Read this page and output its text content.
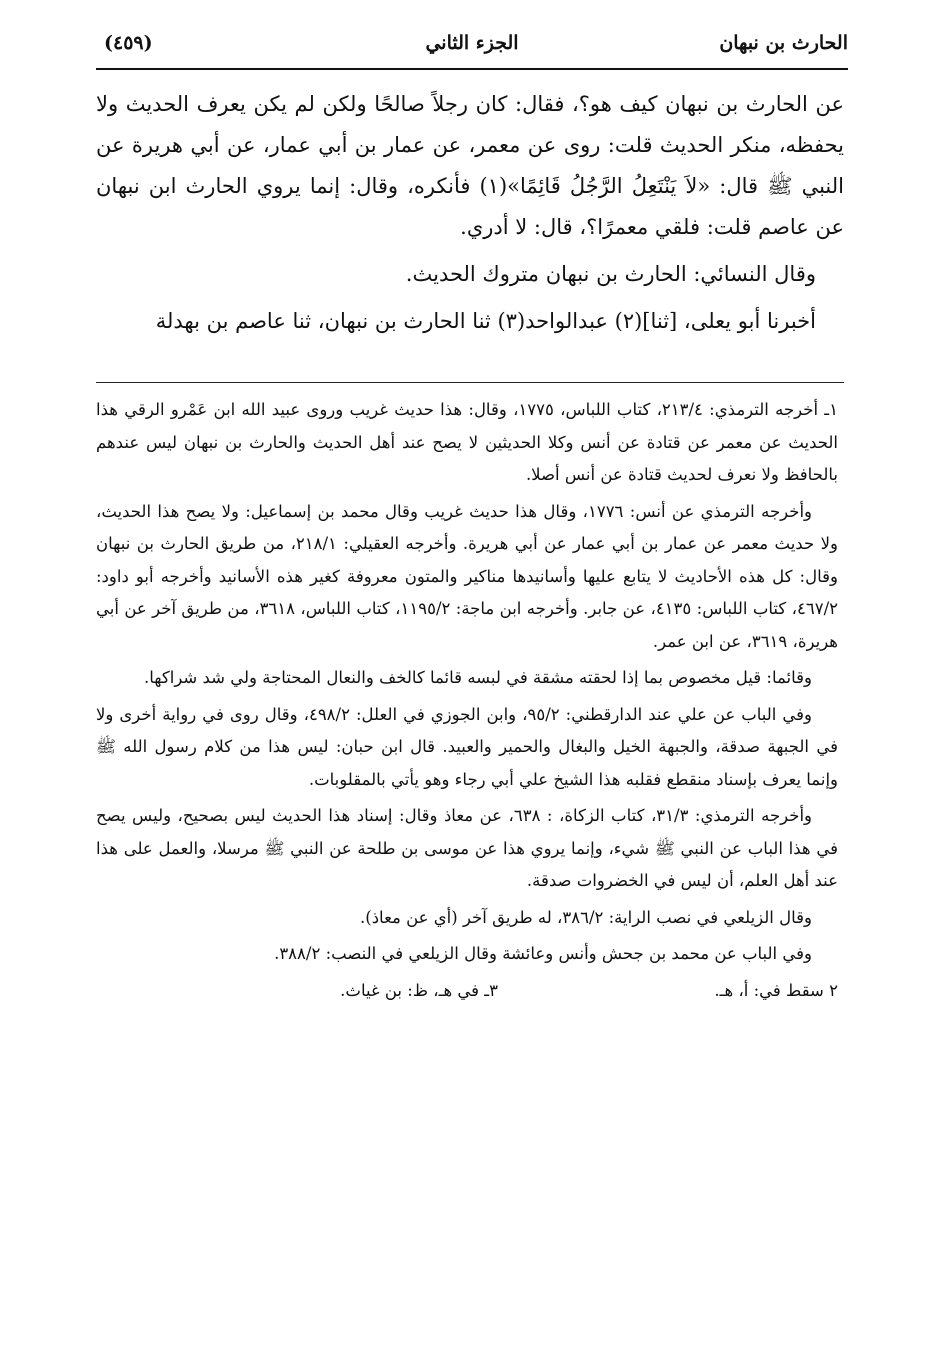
الحارث بن نبهان
الجزء الثاني
(٤٥٩)

عن الحارث بن نبهان كيف هو؟، فقال: كان رجلاً صالحًا ولكن لم يكن يعرف الحديث ولا يحفظه، منكر الحديث قلت: روى عن معمر، عن عمار بن أبي عمار، عن أبي هريرة عن النبي ﷺ قال: «لاَ يَنْتَعِلُ الرَّجُلُ قَائِمًا»(١) فأنكره، وقال: إنما يروي الحارث ابن نبهان عن عاصم قلت: فلقي معمرًا؟، قال: لا أدري.

وقال النسائي: الحارث بن نبهان متروك الحديث.

أخبرنا أبو يعلى، [ثنا](٢) عبدالواحد(٣) ثنا الحارث بن نبهان، ثنا عاصم بن بهدلة

١ـ أخرجه الترمذي: ٢١٣/٤، كتاب اللباس، ١٧٧٥، وقال: هذا حديث غريب وروى عبيد الله ابن عَمْرو الرقي هذا الحديث عن معمر عن قتادة عن أنس وكلا الحديثين لا يصح عند أهل الحديث والحارث بن نبهان ليس عندهم بالحافظ ولا نعرف لحديث قتادة عن أنس أصلا.

وأخرجه الترمذي عن أنس: ١٧٧٦، وقال هذا حديث غريب وقال محمد بن إسماعيل: ولا يصح هذا الحديث، ولا حديث معمر عن عمار بن أبي عمار عن أبي هريرة. وأخرجه العقيلي: ٢١٨/١، من طريق الحارث بن نبهان وقال: كل هذه الأحاديث لا يتابع عليها وأسانيدها مناكير والمتون معروفة كغير هذه الأسانيد وأخرجه أبو داود: ٤٦٧/٢، كتاب اللباس: ٤١٣٥، عن جابر. وأخرجه ابن ماجة: ١١٩٥/٢، كتاب اللباس، ٣٦١٨، من طريق آخر عن أبي هريرة، ٣٦١٩، عن ابن عمر.

وقائما: قيل مخصوص بما إذا لحقته مشقة في لبسه قائما كالخف والنعال المحتاجة ولي شد شراكها.

وفي الباب عن علي عند الدارقطني: ٩٥/٢، وابن الجوزي في العلل: ٤٩٨/٢، وقال روى في رواية أخرى ولا في الجبهة صدقة، والجبهة الخيل والبغال والحمير والعبيد. قال ابن حبان: ليس هذا من كلام رسول الله ﷺ وإنما يعرف بإسناد منقطع فقلبه هذا الشيخ علي أبي رجاء وهو يأتي بالمقلوبات.

وأخرجه الترمذي: ٣١/٣، كتاب الزكاة، : ٦٣٨، عن معاذ وقال: إسناد هذا الحديث ليس بصحيح، وليس يصح في هذا الباب عن النبي ﷺ شيء، وإنما يروي هذا عن موسى بن طلحة عن النبي ﷺ مرسلا، والعمل على هذا عند أهل العلم، أن ليس في الخضروات صدقة.

وقال الزيلعي في نصب الراية: ٣٨٦/٢، له طريق آخر (أي عن معاذ).

وفي الباب عن محمد بن جحش وأنس وعائشة وقال الزيلعي في النصب: ٣٨٨/٢.

٢ سقط في: أ، هـ.
٣ـ في هـ، ظ: بن غياث.
